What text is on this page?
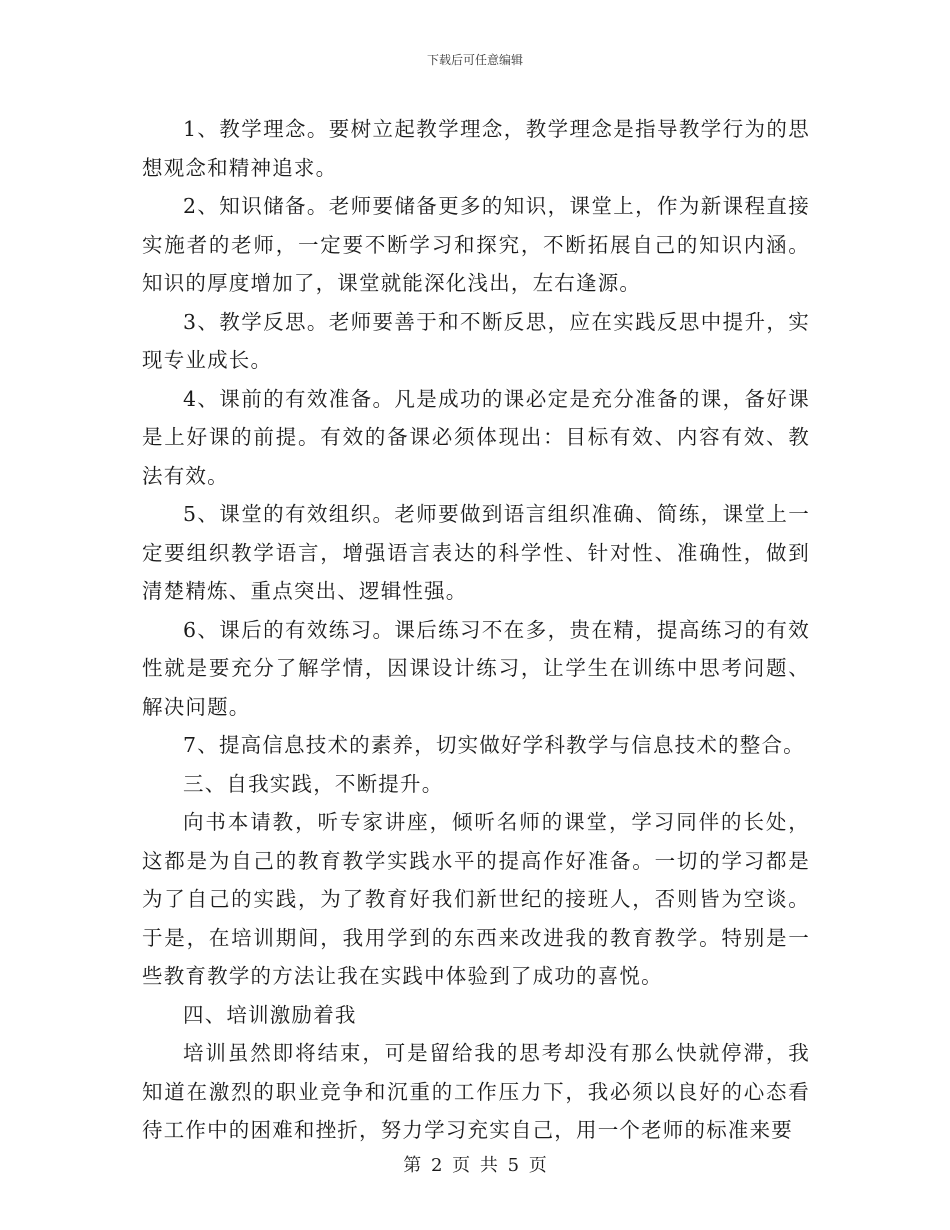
下载后可任意编辑

1、教学理念。要树立起教学理念，教学理念是指导教学行为的思想观念和精神追求。

2、知识储备。老师要储备更多的知识，课堂上，作为新课程直接实施者的老师，一定要不断学习和探究，不断拓展自己的知识内涵。知识的厚度增加了，课堂就能深化浅出，左右逢源。

3、教学反思。老师要善于和不断反思，应在实践反思中提升，实现专业成长。

4、课前的有效准备。凡是成功的课必定是充分准备的课，备好课是上好课的前提。有效的备课必须体现出：目标有效、内容有效、教法有效。

5、课堂的有效组织。老师要做到语言组织准确、简练，课堂上一定要组织教学语言，增强语言表达的科学性、针对性、准确性，做到清楚精炼、重点突出、逻辑性强。

6、课后的有效练习。课后练习不在多，贵在精，提高练习的有效性就是要充分了解学情，因课设计练习，让学生在训练中思考问题、解决问题。

7、提高信息技术的素养，切实做好学科教学与信息技术的整合。

三、自我实践，不断提升。

向书本请教，听专家讲座，倾听名师的课堂，学习同伴的长处，这都是为自己的教育教学实践水平的提高作好准备。一切的学习都是为了自己的实践，为了教育好我们新世纪的接班人，否则皆为空谈。于是，在培训期间，我用学到的东西来改进我的教育教学。特别是一些教育教学的方法让我在实践中体验到了成功的喜悦。

四、培训激励着我

培训虽然即将结束，可是留给我的思考却没有那么快就停滞，我知道在激烈的职业竞争和沉重的工作压力下，我必须以良好的心态看待工作中的困难和挫折，努力学习充实自己，用一个老师的标准来要

第 2 页 共 5 页
